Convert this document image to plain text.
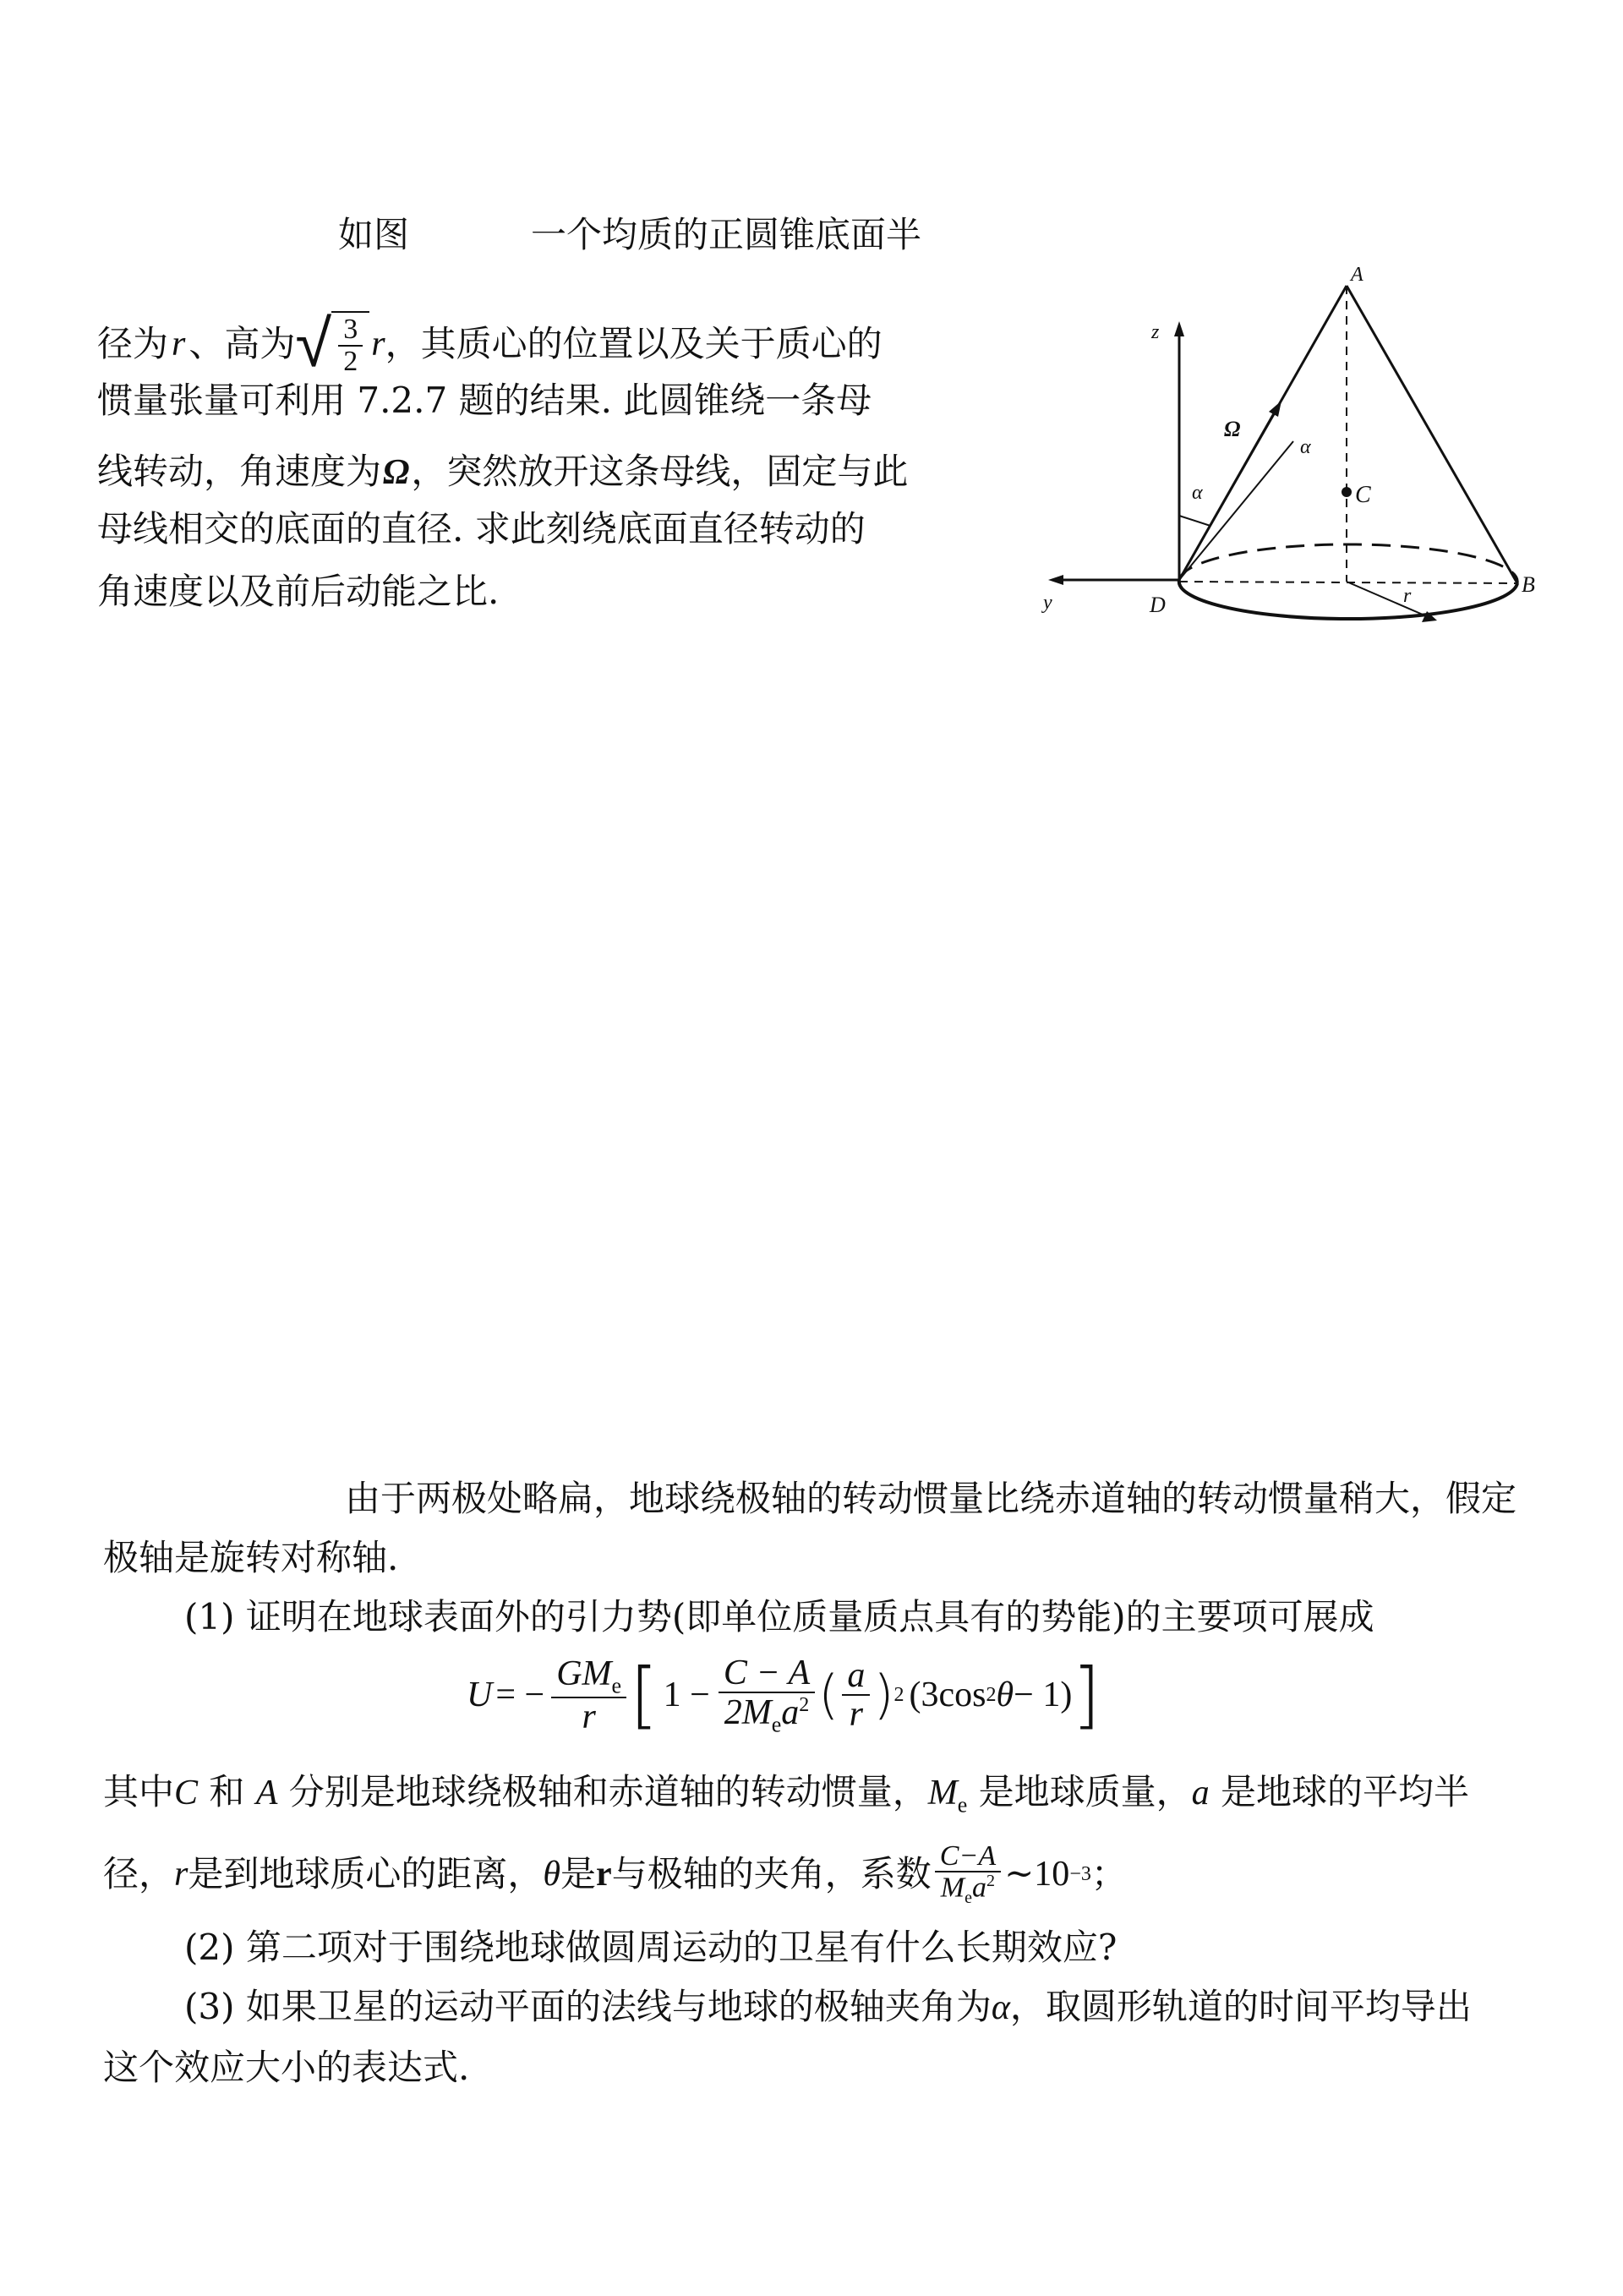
如图	一个均质的正圆锥底面半
径为 r 、高为 √ $\frac{3}{2}$ r ，其质心的位置以及关于质心的
惯量张量可利用 7.2.7 题的结果. 此圆锥绕一条母
线转动，角速度为Ω，突然放开这条母线，固定与此
母线相交的底面的直径. 求此刻绕底面直径转动的
角速度以及前后动能之比.
A
z
Ω
α
α	C
y	D	r	B
由于两极处略扁，地球绕极轴的转动惯量比绕赤道轴的转动惯量稍大，假定
极轴是旋转对称轴.
(1) 证明在地球表面外的引力势(即单位质量质点具有的势能)的主要项可展成
U = − $\frac{GM_e}{r}$ [ $1 - \frac{C - A}{2M_ea^2}$ ( $\frac{a}{r}$ ) 2 (3cos 2 θ − 1) ]
其中C 和 A 分别是地球绕极轴和赤道轴的转动惯量，$M_e$ 是地球质量，a 是地球的平均半
径， r 是到地球质心的距离， θ 是 r 与极轴的夹角，系数 $\frac{C-A}{M_ea^2}$ ∼10 −3 ；
(2) 第二项对于围绕地球做圆周运动的卫星有什么长期效应?
(3) 如果卫星的运动平面的法线与地球的极轴夹角为α，取圆形轨道的时间平均导出
这个效应大小的表达式.
